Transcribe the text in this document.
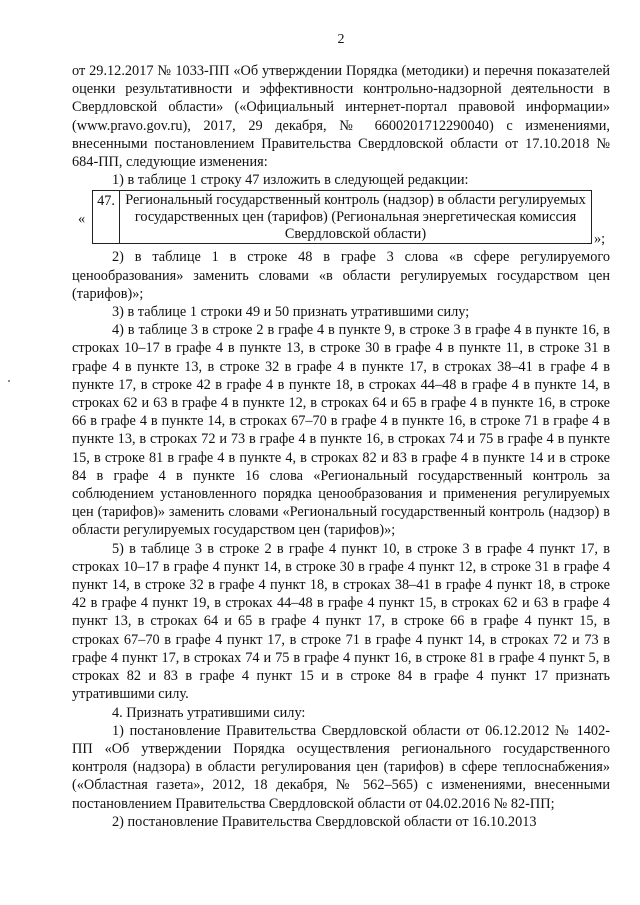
2

от 29.12.2017 № 1033-ПП «Об утверждении Порядка (методики) и перечня показателей оценки результативности и эффективности контрольно-надзорной деятельности в Свердловской области» («Официальный интернет-портал правовой информации» (www.pravo.gov.ru), 2017, 29 декабря, № 6600201712290040) с изменениями, внесенными постановлением Правительства Свердловской области от 17.10.2018 № 684-ПП, следующие изменения:

1) в таблице 1 строку 47 изложить в следующей редакции:

«
47. Региональный государственный контроль (надзор) в области регулируемых государственных цен (тарифов) (Региональная энергетическая комиссия Свердловской области)	»;

2) в таблице 1 в строке 48 в графе 3 слова «в сфере регулируемого ценообразования» заменить словами «в области регулируемых государством цен (тарифов)»;

3) в таблице 1 строки 49 и 50 признать утратившими силу;

4) в таблице 3 в строке 2 в графе 4 в пункте 9, в строке 3 в графе 4 в пункте 16, в строках 10–17 в графе 4 в пункте 13, в строке 30 в графе 4 в пункте 11, в строке 31 в графе 4 в пункте 13, в строке 32 в графе 4 в пункте 17, в строках 38–41 в графе 4 в пункте 17, в строке 42 в графе 4 в пункте 18, в строках 44–48 в графе 4 в пункте 14, в строках 62 и 63 в графе 4 в пункте 12, в строках 64 и 65 в графе 4 в пункте 16, в строке 66 в графе 4 в пункте 14, в строках 67–70 в графе 4 в пункте 16, в строке 71 в графе 4 в пункте 13, в строках 72 и 73 в графе 4 в пункте 16, в строках 74 и 75 в графе 4 в пункте 15, в строке 81 в графе 4 в пункте 4, в строках 82 и 83 в графе 4 в пункте 14 и в строке 84 в графе 4 в пункте 16 слова «Региональный государственный контроль за соблюдением установленного порядка ценообразования и применения регулируемых цен (тарифов)» заменить словами «Региональный государственный контроль (надзор) в области регулируемых государством цен (тарифов)»;

5) в таблице 3 в строке 2 в графе 4 пункт 10, в строке 3 в графе 4 пункт 17, в строках 10–17 в графе 4 пункт 14, в строке 30 в графе 4 пункт 12, в строке 31 в графе 4 пункт 14, в строке 32 в графе 4 пункт 18, в строках 38–41 в графе 4 пункт 18, в строке 42 в графе 4 пункт 19, в строках 44–48 в графе 4 пункт 15, в строках 62 и 63 в графе 4 пункт 13, в строках 64 и 65 в графе 4 пункт 17, в строке 66 в графе 4 пункт 15, в строках 67–70 в графе 4 пункт 17, в строке 71 в графе 4 пункт 14, в строках 72 и 73 в графе 4 пункт 17, в строках 74 и 75 в графе 4 пункт 16, в строке 81 в графе 4 пункт 5, в строках 82 и 83 в графе 4 пункт 15 и в строке 84 в графе 4 пункт 17 признать утратившими силу.

4. Признать утратившими силу:

1) постановление Правительства Свердловской области от 06.12.2012 № 1402-ПП «Об утверждении Порядка осуществления регионального государственного контроля (надзора) в области регулирования цен (тарифов) в сфере теплоснабжения» («Областная газета», 2012, 18 декабря, № 562–565) с изменениями, внесенными постановлением Правительства Свердловской области от 04.02.2016 № 82-ПП;

2) постановление Правительства Свердловской области от 16.10.2013
